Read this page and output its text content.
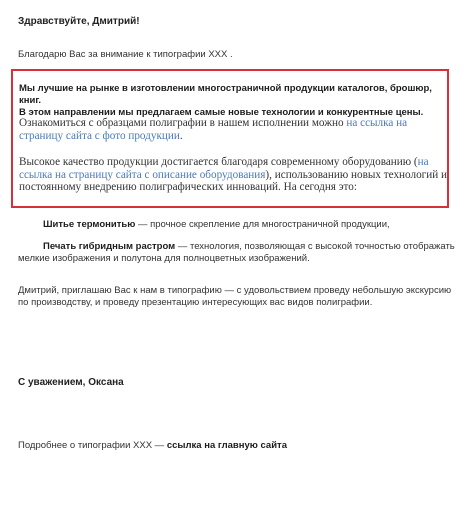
Здравствуйте, Дмитрий!
Благодарю Вас за внимание к типографии XXX .
Мы лучшие на рынке в изготовлении многостраничной продукции каталогов, брошюр, книг.
В этом направлении мы предлагаем самые новые технологии и конкурентные цены.
Ознакомиться с образцами полиграфии в нашем исполнении можно на ссылка на страницу сайта с фото продукции.
Высокое качество продукции достигается благодаря современному оборудованию (на ссылка на страницу сайта с описание оборудования), использованию новых технологий и постоянному внедрению полиграфических инноваций. На сегодня это:
Шитье термонитью — прочное скрепление для многостраничной продукции,
Печать гибридным растром — технология, позволяющая с высокой точностью отображать мелкие изображения и полутона для полноцветных изображений.
Дмитрий, приглашаю Вас к нам в типографию — с удовольствием проведу небольшую экскурсию по производству, и проведу презентацию интересующих вас видов полиграфии.
С уважением, Оксана
Подробнее о типографии XXX — ссылка на главную сайта
